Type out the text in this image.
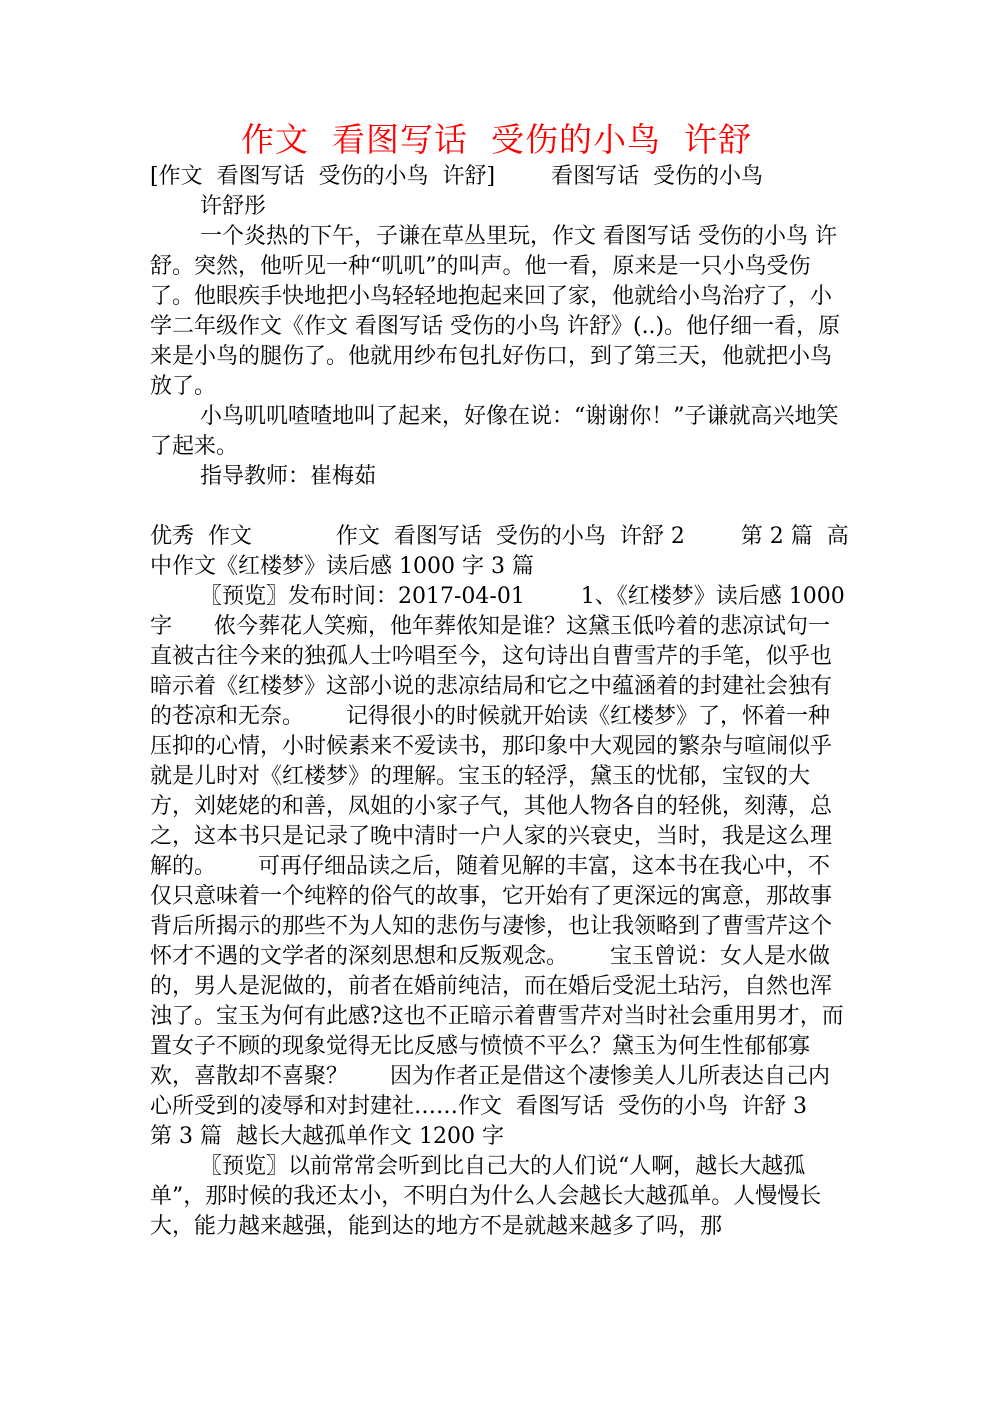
作文  看图写话  受伤的小鸟  许舒

[作文  看图写话  受伤的小鸟  许舒]        看图写话  受伤的小鸟

许舒彤

一个炎热的下午，子谦在草丛里玩，作文 看图写话 受伤的小鸟 许舒。突然，他听见一种“叽叽”的叫声。他一看，原来是一只小鸟受伤了。他眼疾手快地把小鸟轻轻地抱起来回了家，他就给小鸟治疗了，小学二年级作文《作文 看图写话 受伤的小鸟 许舒》(..)。他仔细一看，原来是小鸟的腿伤了。他就用纱布包扎好伤口，到了第三天，他就把小鸟放了。

小鸟叽叽喳喳地叫了起来，好像在说：“谢谢你！”子谦就高兴地笑了起来。

指导教师：崔梅茹

优秀  作文            作文  看图写话  受伤的小鸟  许舒 2        第 2 篇  高中作文《红楼梦》读后感 1000 字 3 篇

〖预览〗发布时间：2017-04-01        1、《红楼梦》读后感 1000 字      侬今葬花人笑痴，他年葬侬知是谁？这黛玉低吟着的悲凉试句一直被古往今来的独孤人士吟唱至今，这句诗出自曹雪芹的手笔，似乎也暗示着《红楼梦》这部小说的悲凉结局和它之中蕴涵着的封建社会独有的苍凉和无奈。      记得很小的时候就开始读《红楼梦》了，怀着一种压抑的心情，小时候素来不爱读书，那印象中大观园的繁杂与喧闹似乎就是儿时对《红楼梦》的理解。宝玉的轻浮，黛玉的忧郁，宝钗的大方，刘姥姥的和善，凤姐的小家子气，其他人物各自的轻佻，刻薄，总之，这本书只是记录了晚中清时一户人家的兴衰史，当时，我是这么理解的。      可再仔细品读之后，随着见解的丰富，这本书在我心中，不仅只意味着一个纯粹的俗气的故事，它开始有了更深远的寓意，那故事背后所揭示的那些不为人知的悲伤与凄惨，也让我领略到了曹雪芹这个怀才不遇的文学者的深刻思想和反叛观念。      宝玉曾说：女人是水做的，男人是泥做的，前者在婚前纯洁，而在婚后受泥土玷污，自然也浑浊了。宝玉为何有此感?这也不正暗示着曹雪芹对当时社会重用男才，而置女子不顾的现象觉得无比反感与愤愤不平么？黛玉为何生性郁郁寡欢，喜散却不喜聚？      因为作者正是借这个凄惨美人儿所表达自己内心所受到的凌辱和对封建社……作文  看图写话  受伤的小鸟  许舒 3        第 3 篇  越长大越孤单作文 1200 字

〖预览〗以前常常会听到比自己大的人们说“人啊，越长大越孤单”，那时候的我还太小，不明白为什么人会越长大越孤单。人慢慢长大，能力越来越强，能到达的地方不是就越来越多了吗，那
